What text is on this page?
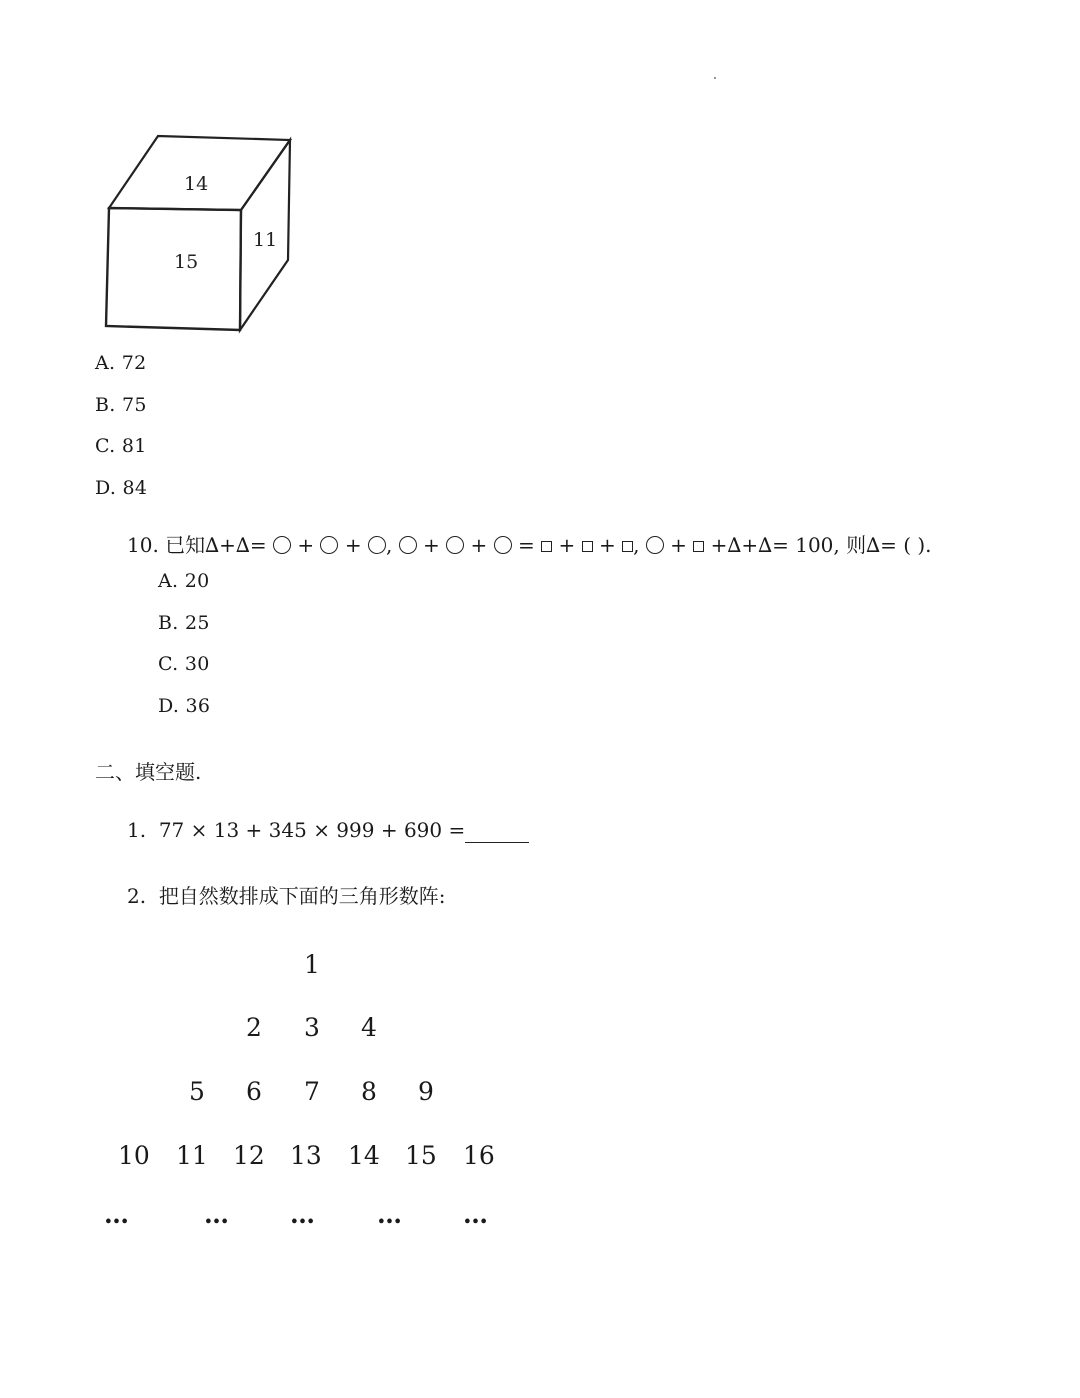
14
15
11
A. 72
B. 75
C. 81
D. 84
10. 已知∆+∆=  +  + ,  +  +  =  +  + ,  +  +∆+∆= 100, 则∆= ( ).
A. 20
B. 25
C. 30
D. 36
二、填空题.
1. 77 × 13 + 345 × 999 + 690 =
2. 把自然数排成下面的三角形数阵:
1
2 3 4
5 6 7 8 9
10 11 12 13 14 15 16
…	… … … …
